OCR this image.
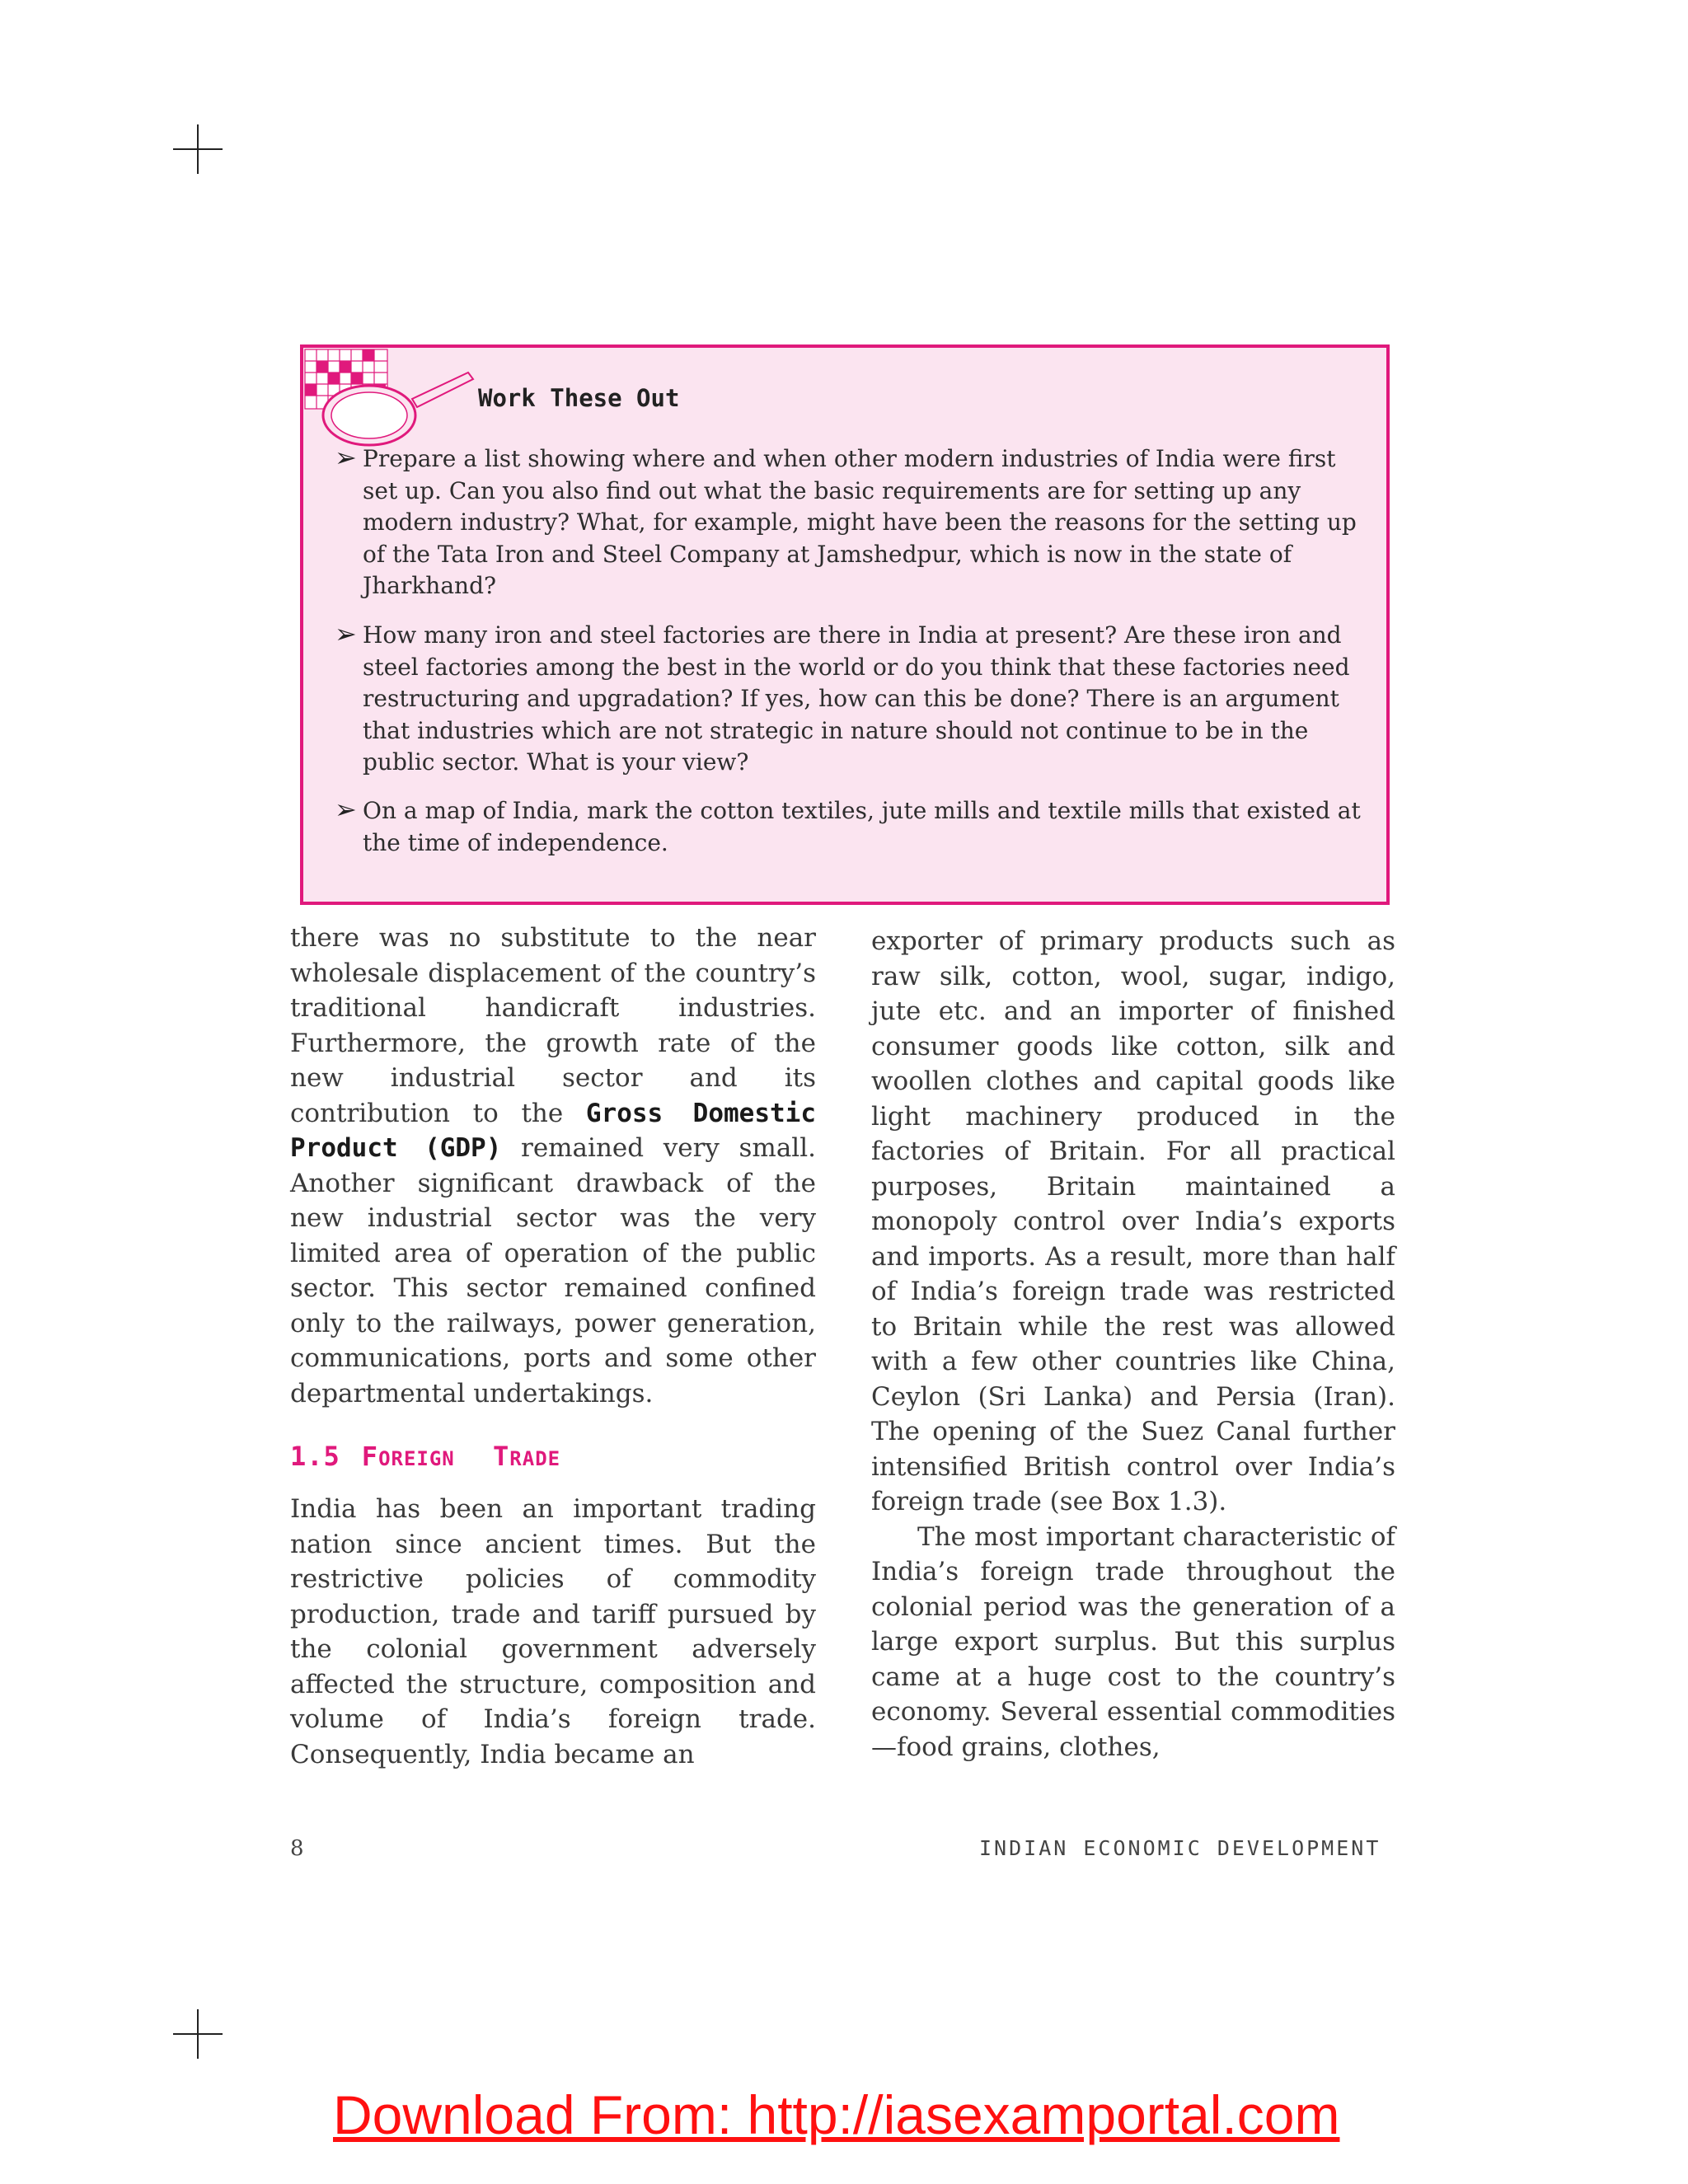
Work These Out
➢ Prepare a list showing where and when other modern industries of India were first set up. Can you also find out what the basic requirements are for setting up any modern industry? What, for example, might have been the reasons for the setting up of the Tata Iron and Steel Company at Jamshedpur, which is now in the state of Jharkhand?
➢ How many iron and steel factories are there in India at present? Are these iron and steel factories among the best in the world or do you think that these factories need restructuring and upgradation? If yes, how can this be done? There is an argument that industries which are not strategic in nature should not continue to be in the public sector. What is your view?
➢ On a map of India, mark the cotton textiles, jute mills and textile mills that existed at the time of independence.

there was no substitute to the near wholesale displacement of the country’s traditional handicraft industries. Furthermore, the growth rate of the new industrial sector and its contribution to the Gross Domestic Product (GDP) remained very small. Another significant drawback of the new industrial sector was the very limited area of operation of the public sector. This sector remained confined only to the railways, power generation, communications, ports and some other departmental undertakings.

1.5 FOREIGN TRADE

India has been an important trading nation since ancient times. But the restrictive policies of commodity production, trade and tariff pursued by the colonial government adversely affected the structure, composition and volume of India’s foreign trade. Consequently, India became an

exporter of primary products such as raw silk, cotton, wool, sugar, indigo, jute etc. and an importer of finished consumer goods like cotton, silk and woollen clothes and capital goods like light machinery produced in the factories of Britain. For all practical purposes, Britain maintained a monopoly control over India’s exports and imports. As a result, more than half of India’s foreign trade was restricted to Britain while the rest was allowed with a few other countries like China, Ceylon (Sri Lanka) and Persia (Iran). The opening of the Suez Canal further intensified British control over India’s foreign trade (see Box 1.3).

The most important characteristic of India’s foreign trade throughout the colonial period was the generation of a large export surplus. But this surplus came at a huge cost to the country’s economy. Several essential commodities—food grains, clothes,

8	INDIAN ECONOMIC DEVELOPMENT
Download From: http://iasexamportal.com
